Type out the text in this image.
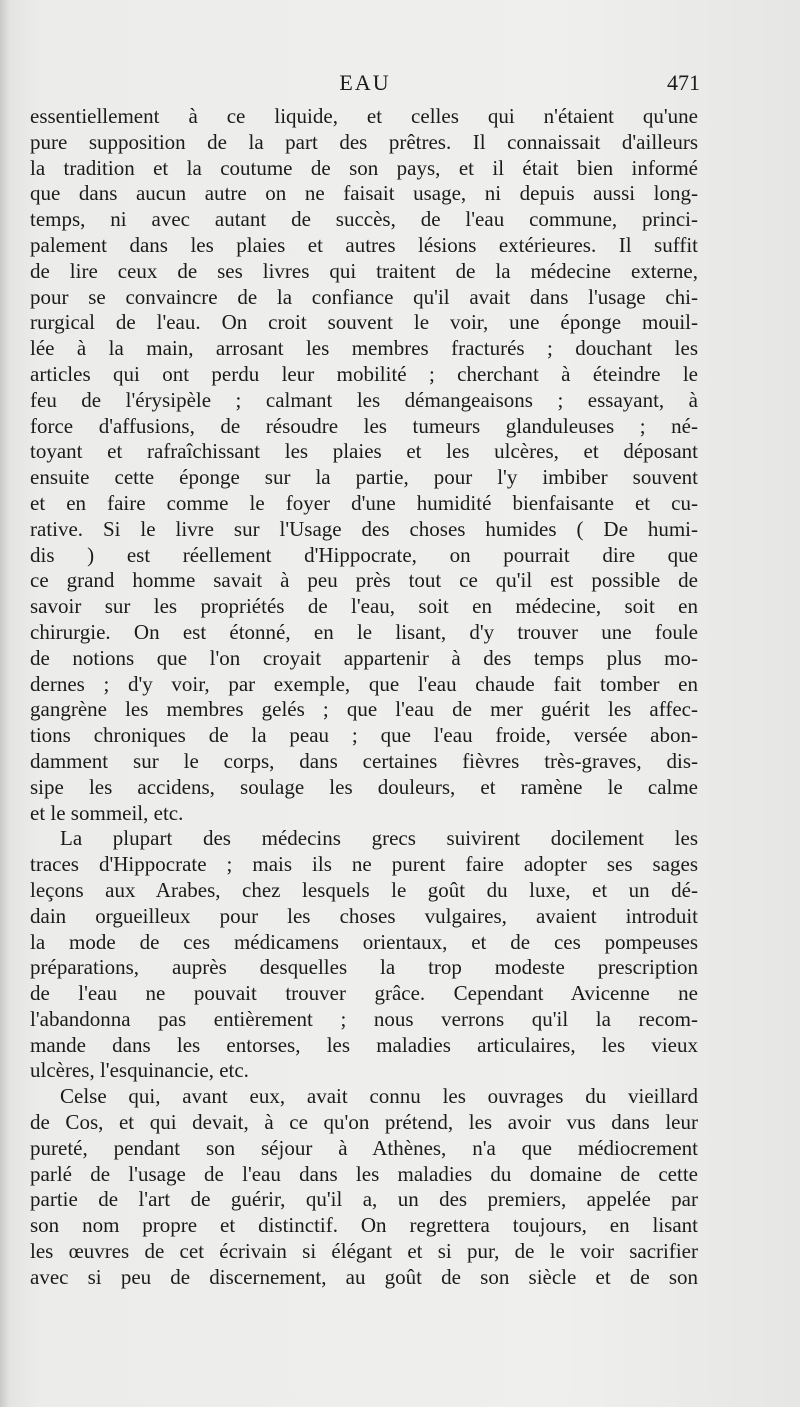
EAU	471
essentiellement à ce liquide, et celles qui n'étaient qu'une
pure supposition de la part des prêtres. Il connaissait d'ailleurs
la tradition et la coutume de son pays, et il était bien informé
que dans aucun autre on ne faisait usage, ni depuis aussi long-
temps, ni avec autant de succès, de l'eau commune, princi-
palement dans les plaies et autres lésions extérieures. Il suffit
de lire ceux de ses livres qui traitent de la médecine externe,
pour se convaincre de la confiance qu'il avait dans l'usage chi-
rurgical de l'eau. On croit souvent le voir, une éponge mouil-
lée à la main, arrosant les membres fracturés ; douchant les
articles qui ont perdu leur mobilité ; cherchant à éteindre le
feu de l'érysipèle ; calmant les démangeaisons ; essayant, à
force d'affusions, de résoudre les tumeurs glanduleuses ; né-
toyant et rafraîchissant les plaies et les ulcères, et déposant
ensuite cette éponge sur la partie, pour l'y imbiber souvent
et en faire comme le foyer d'une humidité bienfaisante et cu-
rative. Si le livre sur l'Usage des choses humides ( De humi-
dis ) est réellement d'Hippocrate, on pourrait dire que
ce grand homme savait à peu près tout ce qu'il est possible de
savoir sur les propriétés de l'eau, soit en médecine, soit en
chirurgie. On est étonné, en le lisant, d'y trouver une foule
de notions que l'on croyait appartenir à des temps plus mo-
dernes ; d'y voir, par exemple, que l'eau chaude fait tomber en
gangrène les membres gelés ; que l'eau de mer guérit les affec-
tions chroniques de la peau ; que l'eau froide, versée abon-
damment sur le corps, dans certaines fièvres très-graves, dis-
sipe les accidens, soulage les douleurs, et ramène le calme
et le sommeil, etc.
La plupart des médecins grecs suivirent docilement les
traces d'Hippocrate ; mais ils ne purent faire adopter ses sages
leçons aux Arabes, chez lesquels le goût du luxe, et un dé-
dain orgueilleux pour les choses vulgaires, avaient introduit
la mode de ces médicamens orientaux, et de ces pompeuses
préparations, auprès desquelles la trop modeste prescription
de l'eau ne pouvait trouver grâce. Cependant Avicenne ne
l'abandonna pas entièrement ; nous verrons qu'il la recom-
mande dans les entorses, les maladies articulaires, les vieux
ulcères, l'esquinancie, etc.
Celse qui, avant eux, avait connu les ouvrages du vieillard
de Cos, et qui devait, à ce qu'on prétend, les avoir vus dans leur
pureté, pendant son séjour à Athènes, n'a que médiocrement
parlé de l'usage de l'eau dans les maladies du domaine de cette
partie de l'art de guérir, qu'il a, un des premiers, appelée par
son nom propre et distinctif. On regrettera toujours, en lisant
les œuvres de cet écrivain si élégant et si pur, de le voir sacrifier
avec si peu de discernement, au goût de son siècle et de son
